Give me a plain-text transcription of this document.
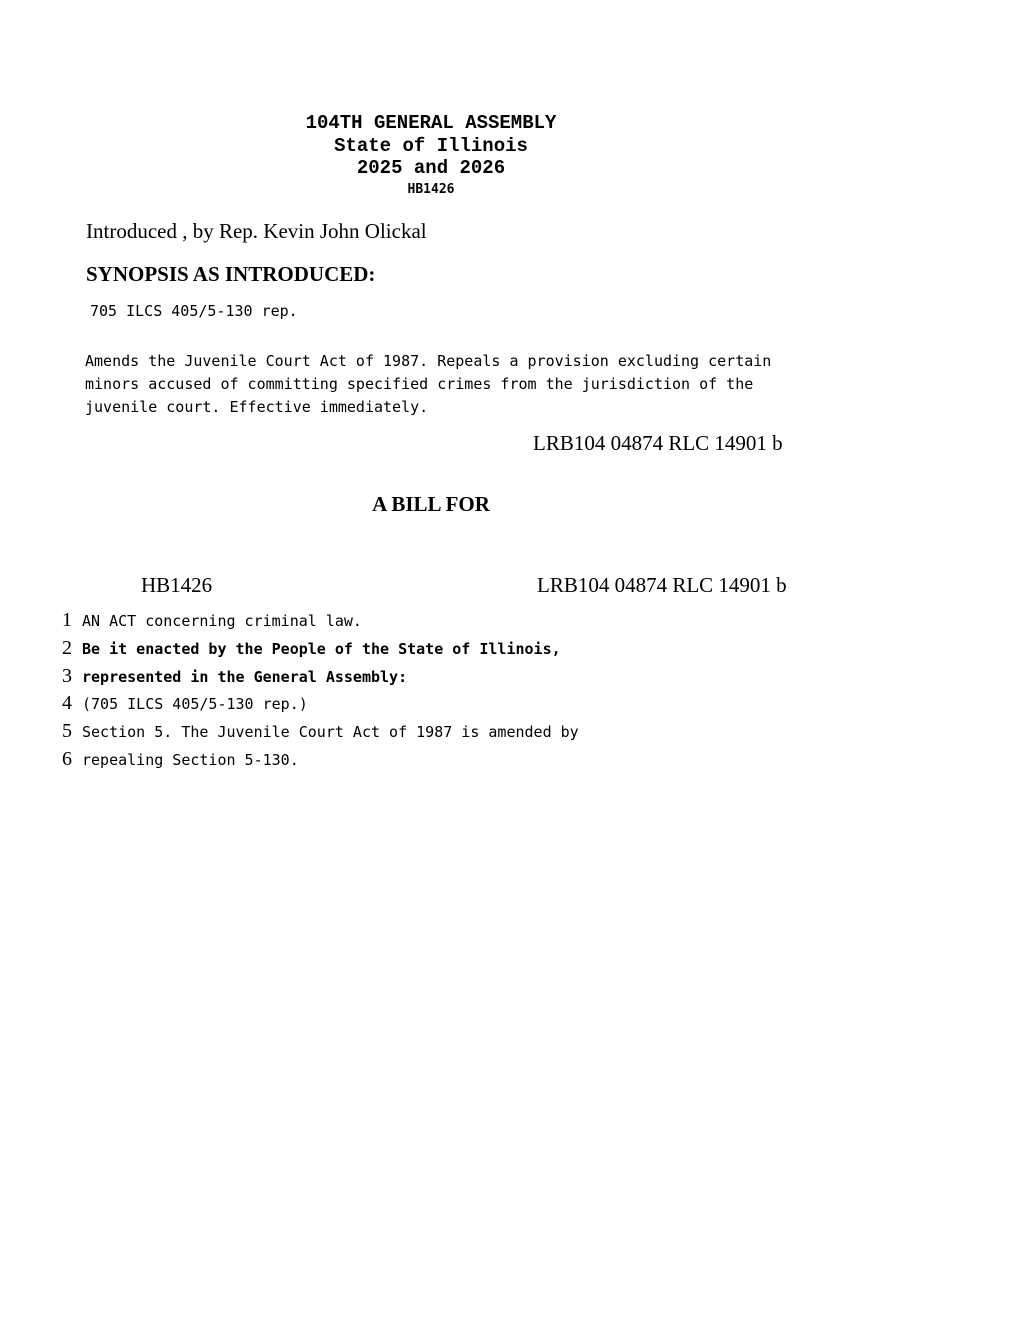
104TH GENERAL ASSEMBLY
State of Illinois
2025 and 2026
HB1426
Introduced , by Rep. Kevin John Olickal
SYNOPSIS AS INTRODUCED:
705 ILCS 405/5-130 rep.
Amends the Juvenile Court Act of 1987. Repeals a provision excluding certain
minors accused of committing specified crimes from the jurisdiction of the
juvenile court. Effective immediately.
LRB104 04874 RLC 14901 b
A BILL FOR
HB1426	LRB104 04874 RLC 14901 b
1 AN ACT concerning criminal law.
2 Be it enacted by the People of the State of Illinois,
3 represented in the General Assembly:
4 (705 ILCS 405/5-130 rep.)
5 Section 5. The Juvenile Court Act of 1987 is amended by
6 repealing Section 5-130.
